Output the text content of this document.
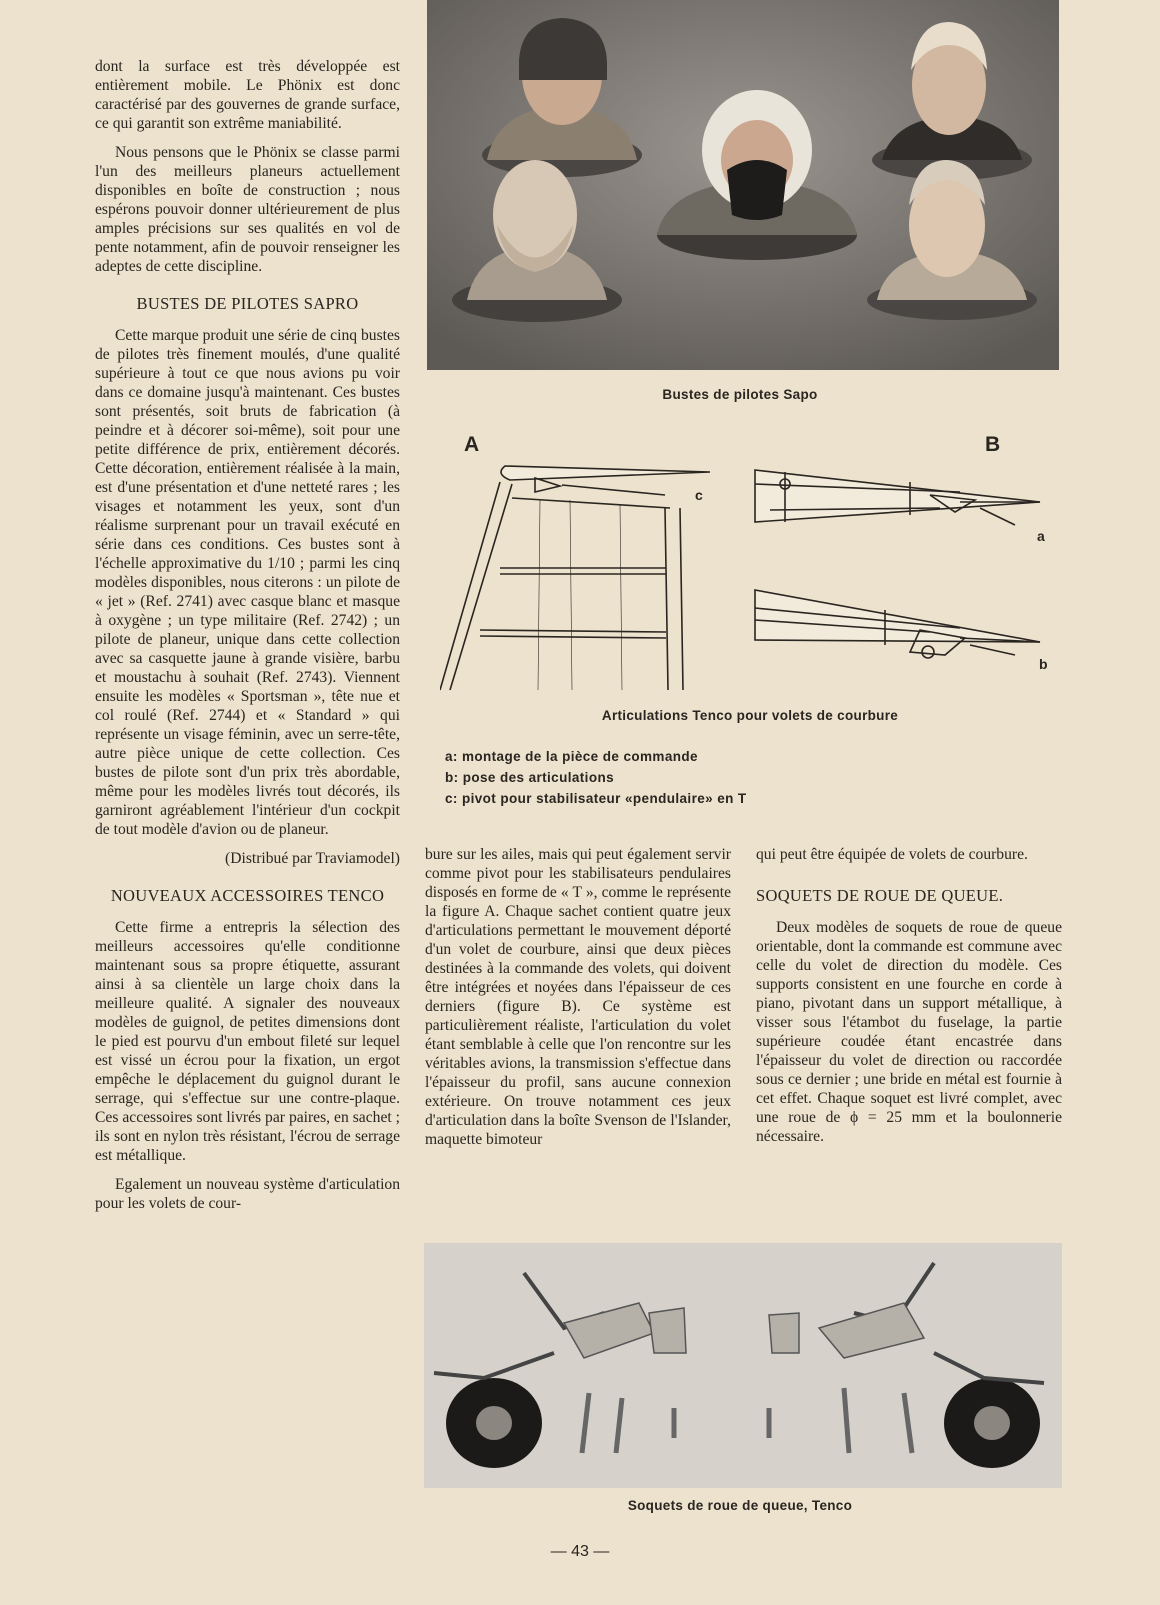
dont la surface est très développée est entièrement mobile. Le Phönix est donc caractérisé par des gouvernes de grande surface, ce qui garantit son extrême maniabilité.

Nous pensons que le Phönix se classe parmi l'un des meilleurs planeurs actuellement disponibles en boîte de construction ; nous espérons pouvoir donner ultérieurement de plus amples précisions sur ses qualités en vol de pente notamment, afin de pouvoir renseigner les adeptes de cette discipline.

BUSTES DE PILOTES SAPRO

Cette marque produit une série de cinq bustes de pilotes très finement moulés, d'une qualité supérieure à tout ce que nous avions pu voir dans ce domaine jusqu'à maintenant. Ces bustes sont présentés, soit bruts de fabrication (à peindre et à décorer soi-même), soit pour une petite différence de prix, entièrement décorés. Cette décoration, entièrement réalisée à la main, est d'une présentation et d'une netteté rares ; les visages et notamment les yeux, sont d'un réalisme surprenant pour un travail exécuté en série dans ces conditions. Ces bustes sont à l'échelle approximative du 1/10 ; parmi les cinq modèles disponibles, nous citerons : un pilote de « jet » (Ref. 2741) avec casque blanc et masque à oxygène ; un type militaire (Ref. 2742) ; un pilote de planeur, unique dans cette collection avec sa casquette jaune à grande visière, barbu et moustachu à souhait (Ref. 2743). Viennent ensuite les modèles « Sportsman », tête nue et col roulé (Ref. 2744) et « Standard » qui représente un visage féminin, avec un serre-tête, autre pièce unique de cette collection. Ces bustes de pilote sont d'un prix très abordable, même pour les modèles livrés tout décorés, ils garniront agréablement l'intérieur d'un cockpit de tout modèle d'avion ou de planeur.

(Distribué par Traviamodel)

NOUVEAUX ACCESSOIRES TENCO

Cette firme a entrepris la sélection des meilleurs accessoires qu'elle conditionne maintenant sous sa propre étiquette, assurant ainsi à sa clientèle un large choix dans la meilleure qualité. A signaler des nouveaux modèles de guignol, de petites dimensions dont le pied est pourvu d'un embout fileté sur lequel est vissé un écrou pour la fixation, un ergot empêche le déplacement du guignol durant le serrage, qui s'effectue sur une contre-plaque. Ces accessoires sont livrés par paires, en sachet ; ils sont en nylon très résistant, l'écrou de serrage est métallique.

Egalement un nouveau système d'articulation pour les volets de cour-

Bustes de pilotes Sapo
A	B
c
a
b
Articulations Tenco pour volets de courbure
a: montage de la pièce de commande
b: pose des articulations
c: pivot pour stabilisateur «pendulaire» en T

bure sur les ailes, mais qui peut également servir comme pivot pour les stabilisateurs pendulaires disposés en forme de « T », comme le représente la figure A. Chaque sachet contient quatre jeux d'articulations permettant le mouvement déporté d'un volet de courbure, ainsi que deux pièces destinées à la commande des volets, qui doivent être intégrées et noyées dans l'épaisseur de ces derniers (figure B). Ce système est particulièrement réaliste, l'articulation du volet étant semblable à celle que l'on rencontre sur les véritables avions, la transmission s'effectue dans l'épaisseur du profil, sans aucune connexion extérieure. On trouve notamment ces jeux d'articulation dans la boîte Svenson de l'Islander, maquette bimoteur

qui peut être équipée de volets de courbure.

SOQUETS DE ROUE DE QUEUE.

Deux modèles de soquets de roue de queue orientable, dont la commande est commune avec celle du volet de direction du modèle. Ces supports consistent en une fourche en corde à piano, pivotant dans un support métallique, à visser sous l'étambot du fuselage, la partie supérieure coudée étant encastrée dans l'épaisseur du volet de direction ou raccordée sous ce dernier ; une bride en métal est fournie à cet effet. Chaque soquet est livré complet, avec une roue de ϕ = 25 mm et la boulonnerie nécessaire.

Soquets de roue de queue, Tenco
— 43 —
